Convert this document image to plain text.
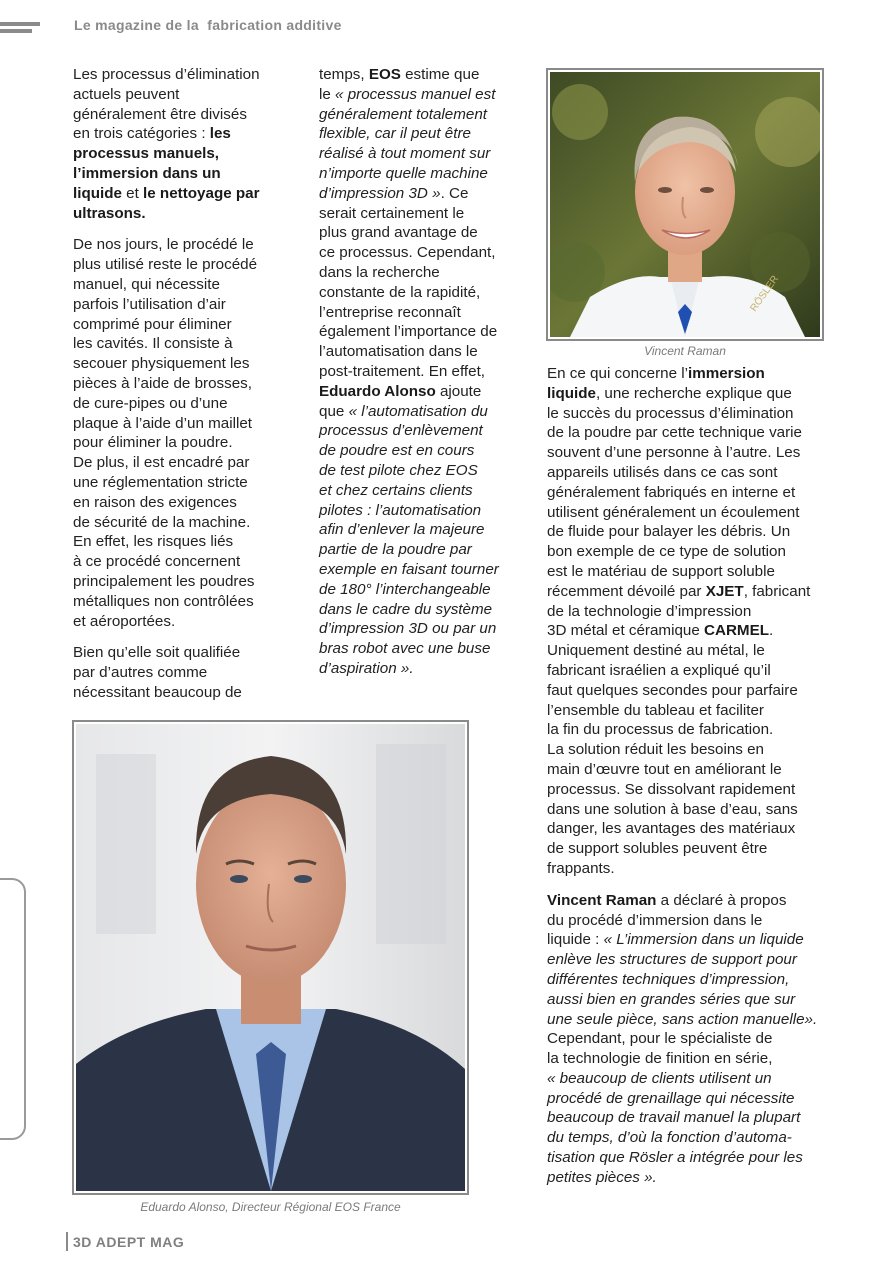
Le magazine de la  fabrication additive

Les processus d’élimination
actuels peuvent
généralement être divisés
en trois catégories : les
processus manuels,
l’immersion dans un
liquide et le nettoyage par
ultrasons.

De nos jours, le procédé le
plus utilisé reste le procédé
manuel, qui nécessite
parfois l’utilisation d’air
comprimé pour éliminer
les cavités. Il consiste à
secouer physiquement les
pièces à l’aide de brosses,
de cure-pipes ou d’une
plaque à l’aide d’un maillet
pour éliminer la poudre.
De plus, il est encadré par
une réglementation stricte
en raison des exigences
de sécurité de la machine.
En effet, les risques liés
à ce procédé concernent
principalement les poudres
métalliques non contrôlées
et aéroportées.

Bien qu’elle soit qualifiée
par d’autres comme
nécessitant beaucoup de

temps, EOS estime que
le « processus manuel est
généralement totalement
flexible, car il peut être
réalisé à tout moment sur
n’importe quelle machine
d’impression 3D ». Ce
serait certainement le
plus grand avantage de
ce processus. Cependant,
dans la recherche
constante de la rapidité,
l’entreprise reconnaît
également l’importance de
l’automatisation dans le
post-traitement. En effet,
Eduardo Alonso ajoute
que « l’automatisation du
processus d’enlèvement
de poudre est en cours
de test pilote chez EOS
et chez certains clients
pilotes : l’automatisation
afin d’enlever la majeure
partie de la poudre par
exemple en faisant tourner
de 180° l’interchangeable
dans le cadre du système
d’impression 3D ou par un
bras robot avec une buse
d’aspiration ».

RÖSLER
Vincent Raman

En ce qui concerne l’immersion
liquide, une recherche explique que
le succès du processus d’élimination
de la poudre par cette technique varie
souvent d’une personne à l’autre. Les
appareils utilisés dans ce cas sont
généralement fabriqués en interne et
utilisent généralement un écoulement
de fluide pour balayer les débris. Un
bon exemple de ce type de solution
est le matériau de support soluble
récemment dévoilé par XJET, fabricant
de la technologie d’impression
3D métal et céramique CARMEL.
Uniquement destiné au métal, le
fabricant israélien a expliqué qu’il
faut quelques secondes pour parfaire
l’ensemble du tableau et faciliter
la fin du processus de fabrication.
La solution réduit les besoins en
main d’œuvre tout en améliorant le
processus. Se dissolvant rapidement
dans une solution à base d’eau, sans
danger, les avantages des matériaux
de support solubles peuvent être
frappants.

Vincent Raman a déclaré à propos
du procédé d’immersion dans le
liquide : « L’immersion dans un liquide
enlève les structures de support pour
différentes techniques d’impression,
aussi bien en grandes séries que sur
une seule pièce, sans action manuelle».
Cependant, pour le spécialiste de
la technologie de finition en série,
« beaucoup de clients utilisent un
procédé de grenaillage qui nécessite
beaucoup de travail manuel la plupart
du temps, d’où la fonction d’automa-
tisation que Rösler a intégrée pour les
petites pièces ».

Eduardo Alonso, Directeur Régional EOS France
3D ADEPT MAG
